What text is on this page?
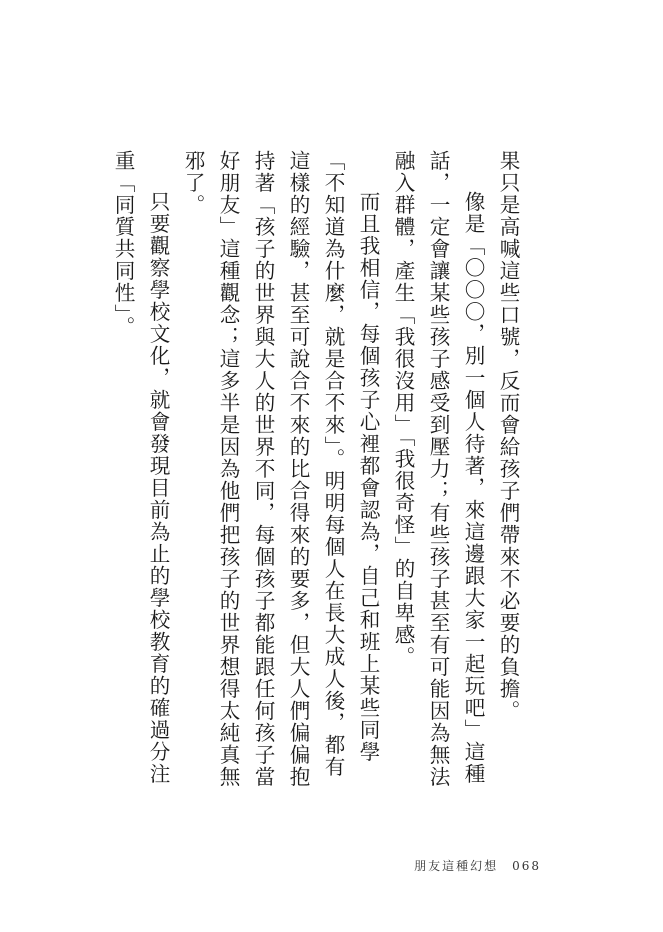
果只是高喊這些口號，反而會給孩子們帶來不必要的負擔。

像是「〇〇〇，別一個人待著，來這邊跟大家一起玩吧」這種話，一定會讓某些孩子感受到壓力；有些孩子甚至有可能因為無法融入群體，產生「我很沒用」「我很奇怪」的自卑感。

而且我相信，每個孩子心裡都會認為，自己和班上某些同學「不知道為什麼，就是合不來」。明明每個人在長大成人後，都有這樣的經驗，甚至可說合不來的比合得來的要多，但大人們偏偏抱持著「孩子的世界與大人的世界不同，每個孩子都能跟任何孩子當好朋友」這種觀念；這多半是因為他們把孩子的世界想得太純真無邪了。

只要觀察學校文化，就會發現目前為止的學校教育的確過分注重「同質共同性」。

朋友這種幻想 068
